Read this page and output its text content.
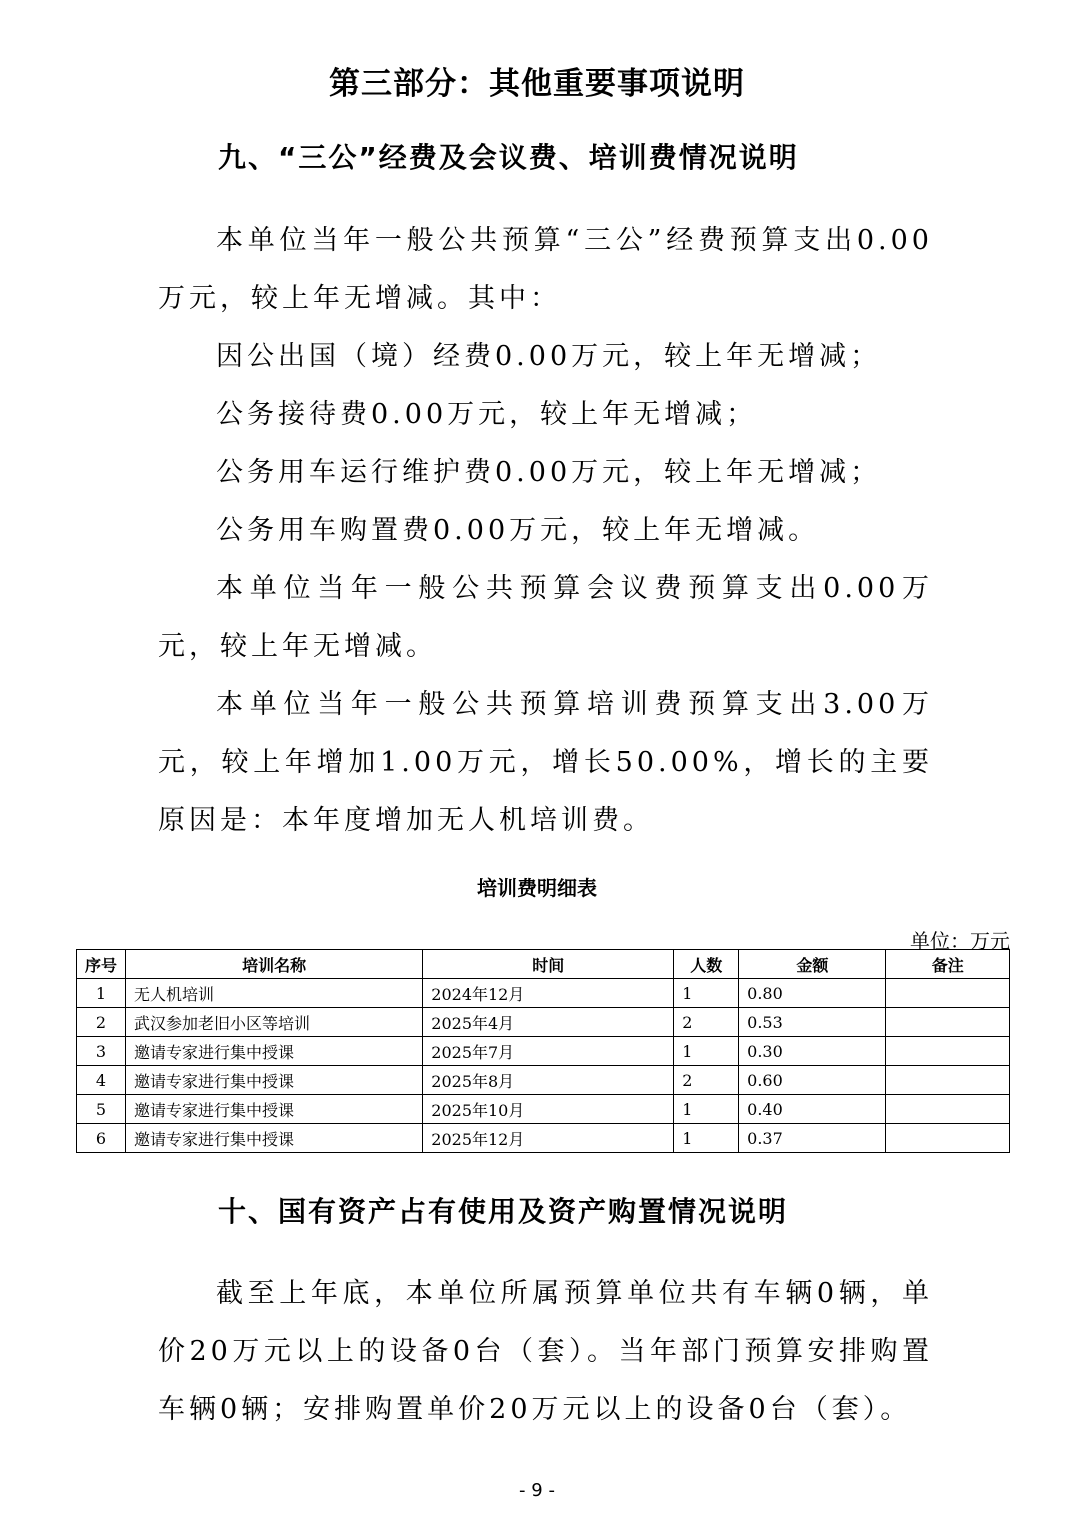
第三部分：其他重要事项说明
九、“三公”经费及会议费、培训费情况说明

本单位当年一般公共预算“三公”经费预算支出0.00万元，较上年无增减。其中：

因公出国（境）经费0.00万元，较上年无增减；
公务接待费0.00万元，较上年无增减；
公务用车运行维护费0.00万元，较上年无增减；
公务用车购置费0.00万元，较上年无增减。

本单位当年一般公共预算会议费预算支出0.00万元，较上年无增减。

本单位当年一般公共预算培训费预算支出3.00万元，较上年增加1.00万元，增长50.00%，增长的主要原因是：本年度增加无人机培训费。

培训费明细表
单位：万元
序号	培训名称	时间	人数	金额	备注
1	无人机培训	2024年12月	1	0.80	
2	武汉参加老旧小区等培训	2025年4月	2	0.53	
3	邀请专家进行集中授课	2025年7月	1	0.30	
4	邀请专家进行集中授课	2025年8月	2	0.60	
5	邀请专家进行集中授课	2025年10月	1	0.40	
6	邀请专家进行集中授课	2025年12月	1	0.37	
十、国有资产占有使用及资产购置情况说明

截至上年底，本单位所属预算单位共有车辆0辆，单价20万元以上的设备0台（套）。当年部门预算安排购置车辆0辆；安排购置单价20万元以上的设备0台（套）。

- 9 -
